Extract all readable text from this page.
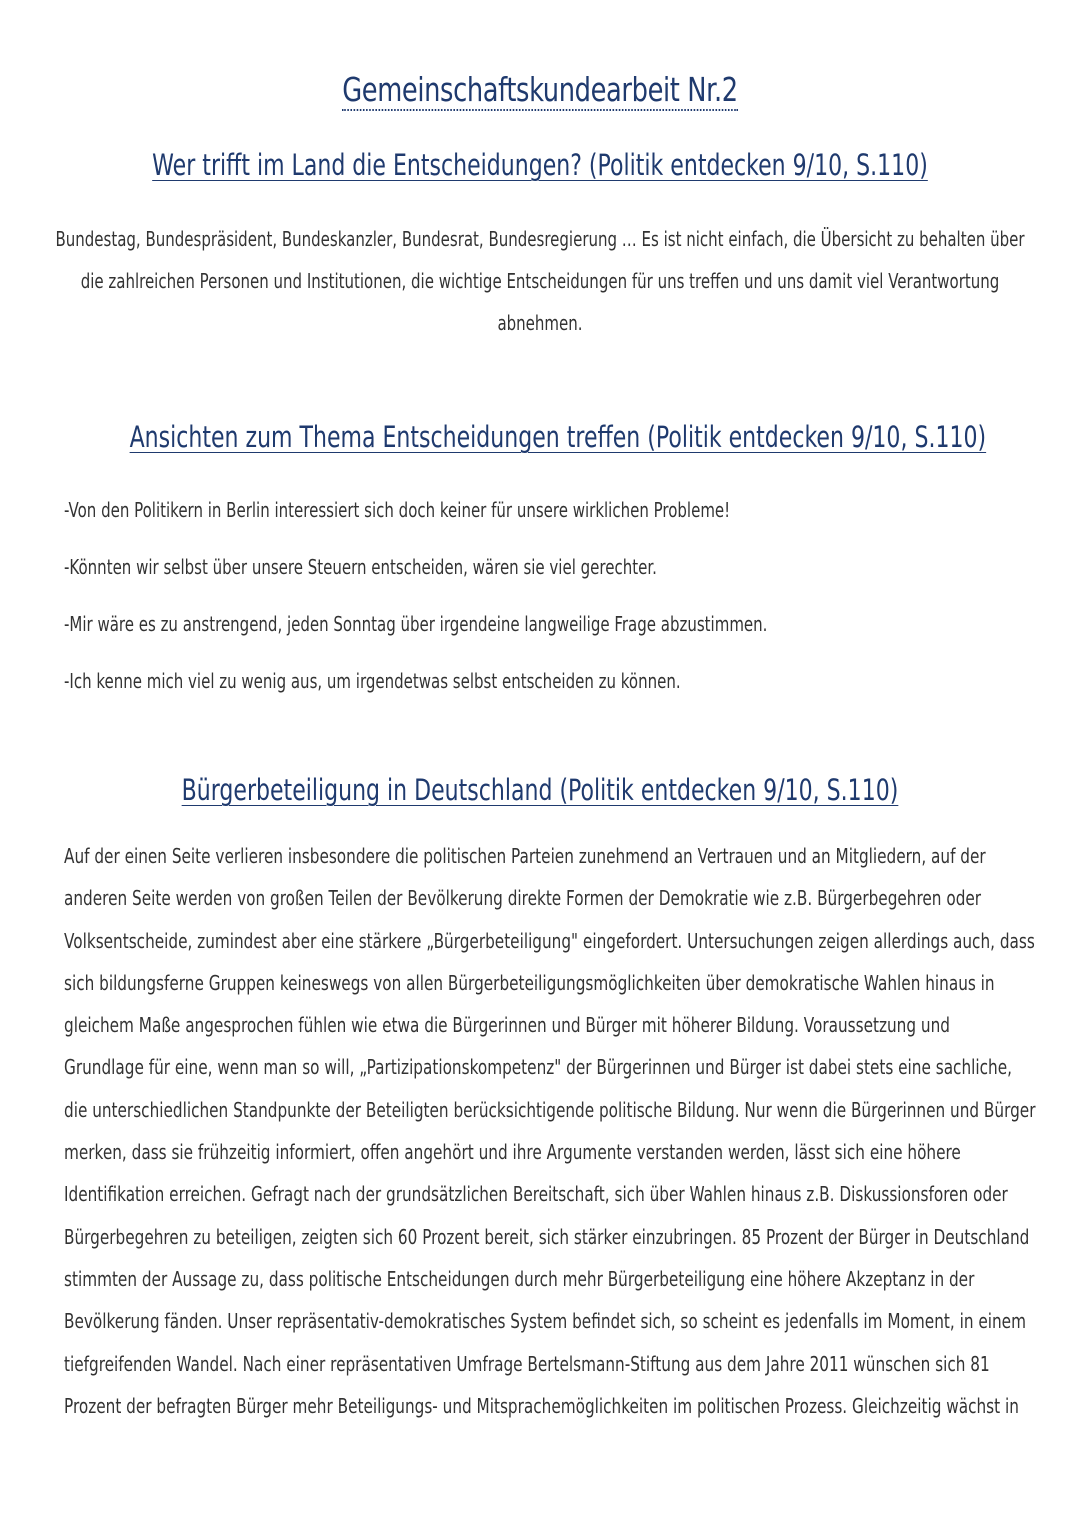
Gemeinschaftskundearbeit Nr.2
Wer trifft im Land die Entscheidungen? (Politik entdecken 9/10, S.110)
Bundestag, Bundespräsident, Bundeskanzler, Bundesrat, Bundesregierung … Es ist nicht einfach, die Übersicht zu behalten über
die zahlreichen Personen und Institutionen, die wichtige Entscheidungen für uns treffen und uns damit viel Verantwortung
abnehmen.
Ansichten zum Thema Entscheidungen treffen (Politik entdecken 9/10, S.110)
-Von den Politikern in Berlin interessiert sich doch keiner für unsere wirklichen Probleme!
-Könnten wir selbst über unsere Steuern entscheiden, wären sie viel gerechter.
-Mir wäre es zu anstrengend, jeden Sonntag über irgendeine langweilige Frage abzustimmen.
-Ich kenne mich viel zu wenig aus, um irgendetwas selbst entscheiden zu können.
Bürgerbeteiligung in Deutschland (Politik entdecken 9/10, S.110)
Auf der einen Seite verlieren insbesondere die politischen Parteien zunehmend an Vertrauen und an Mitgliedern, auf der
anderen Seite werden von großen Teilen der Bevölkerung direkte Formen der Demokratie wie z.B. Bürgerbegehren oder
Volksentscheide, zumindest aber eine stärkere „Bürgerbeteiligung" eingefordert. Untersuchungen zeigen allerdings auch, dass
sich bildungsferne Gruppen keineswegs von allen Bürgerbeteiligungsmöglichkeiten über demokratische Wahlen hinaus in
gleichem Maße angesprochen fühlen wie etwa die Bürgerinnen und Bürger mit höherer Bildung. Voraussetzung und
Grundlage für eine, wenn man so will, „Partizipationskompetenz" der Bürgerinnen und Bürger ist dabei stets eine sachliche,
die unterschiedlichen Standpunkte der Beteiligten berücksichtigende politische Bildung. Nur wenn die Bürgerinnen und Bürger
merken, dass sie frühzeitig informiert, offen angehört und ihre Argumente verstanden werden, lässt sich eine höhere
Identifikation erreichen. Gefragt nach der grundsätzlichen Bereitschaft, sich über Wahlen hinaus z.B. Diskussionsforen oder
Bürgerbegehren zu beteiligen, zeigten sich 60 Prozent bereit, sich stärker einzubringen. 85 Prozent der Bürger in Deutschland
stimmten der Aussage zu, dass politische Entscheidungen durch mehr Bürgerbeteiligung eine höhere Akzeptanz in der
Bevölkerung fänden. Unser repräsentativ-demokratisches System befindet sich, so scheint es jedenfalls im Moment, in einem
tiefgreifenden Wandel. Nach einer repräsentativen Umfrage Bertelsmann-Stiftung aus dem Jahre 2011 wünschen sich 81
Prozent der befragten Bürger mehr Beteiligungs- und Mitsprachemöglichkeiten im politischen Prozess. Gleichzeitig wächst in
